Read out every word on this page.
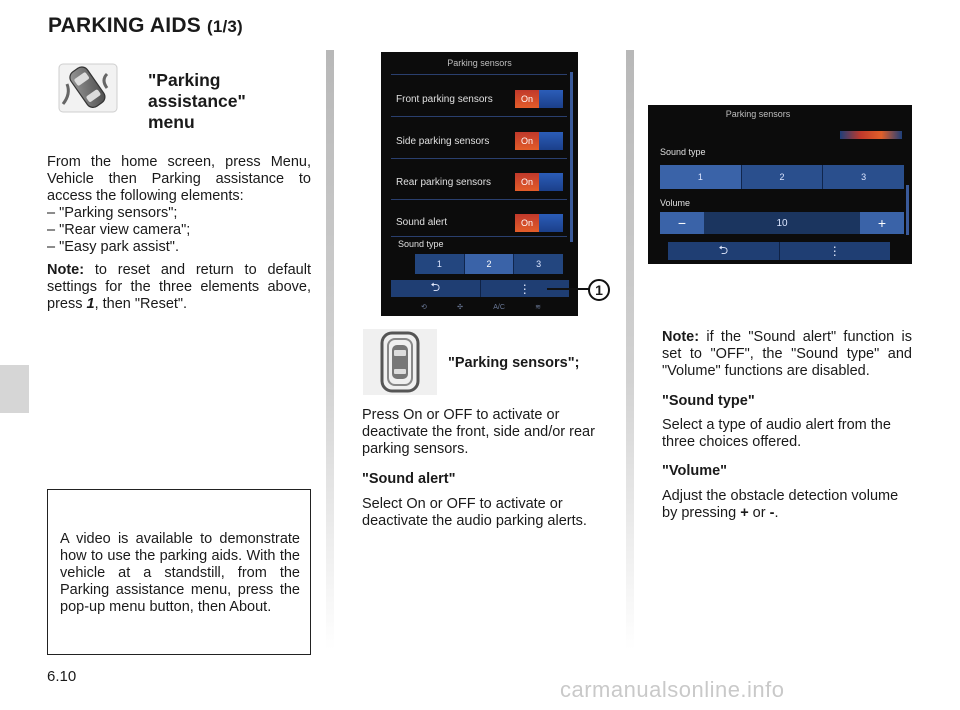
PARKING AIDS (1/3)
"Parking assistance" menu
From the home screen, press Menu, Vehicle then Parking assistance to access the following elements:
– "Parking sensors";
– "Rear view camera";
– "Easy park assist".
Note: to reset and return to default settings for the three elements above, press 1, then "Reset".
A video is available to demonstrate how to use the parking aids. With the vehicle at a standstill, from the Parking assistance menu, press the pop-up menu button, then About.
Parking sensors
Front parking sensors	On
Side parking sensors	On
Rear parking sensors	On
Sound alert	On
Sound type
1	2	3
⮌	⋮
⟲	✣	A/C	≋
1
"Parking sensors";
Press On or OFF to activate or deactivate the front, side and/or rear parking sensors.
"Sound alert"
Select On or OFF to activate or deactivate the audio parking alerts.
Parking sensors
Sound type
1	2	3
Volume
−	10	+
⮌	⋮
Note: if the "Sound alert" function is set to "OFF", the "Sound type" and "Volume" functions are disabled.
"Sound type"
Select a type of audio alert from the three choices offered.
"Volume"
Adjust the obstacle detection volume by pressing + or -.
6.10
carmanualsonline.info
